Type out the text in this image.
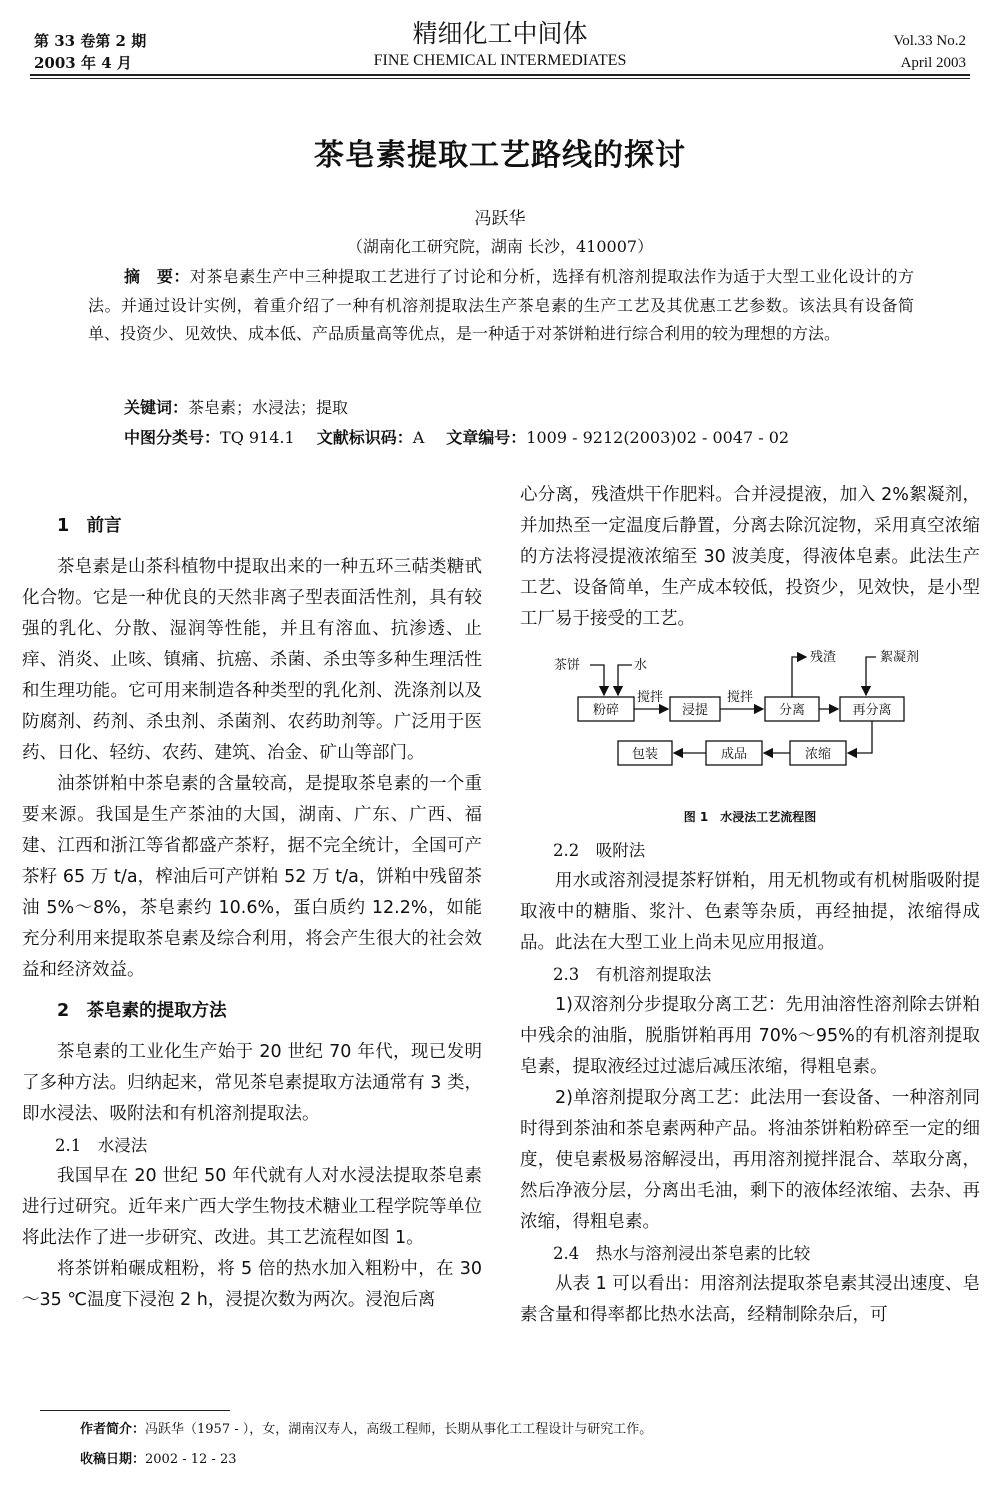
第 33 卷第 2 期
2003 年 4 月
精细化工中间体
FINE CHEMICAL INTERMEDIATES
Vol.33 No.2
April 2003
茶皂素提取工艺路线的探讨
冯跃华
（湖南化工研究院，湖南 长沙，410007）
摘　要：对茶皂素生产中三种提取工艺进行了讨论和分析，选择有机溶剂提取法作为适于大型工业化设计的方法。并通过设计实例，着重介绍了一种有机溶剂提取法生产茶皂素的生产工艺及其优惠工艺参数。该法具有设备简单、投资少、见效快、成本低、产品质量高等优点，是一种适于对茶饼粕进行综合利用的较为理想的方法。
关键词：茶皂素；水浸法；提取
中图分类号：TQ 914.1 文献标识码：A 文章编号：1009 - 9212(2003)02 - 0047 - 02

1　前言

茶皂素是山茶科植物中提取出来的一种五环三萜类糖甙化合物。它是一种优良的天然非离子型表面活性剂，具有较强的乳化、分散、湿润等性能，并且有溶血、抗渗透、止痒、消炎、止咳、镇痛、抗癌、杀菌、杀虫等多种生理活性和生理功能。它可用来制造各种类型的乳化剂、洗涤剂以及防腐剂、药剂、杀虫剂、杀菌剂、农药助剂等。广泛用于医药、日化、轻纺、农药、建筑、冶金、矿山等部门。

油茶饼粕中茶皂素的含量较高，是提取茶皂素的一个重要来源。我国是生产茶油的大国，湖南、广东、广西、福建、江西和浙江等省都盛产茶籽，据不完全统计，全国可产茶籽 65 万 t/a，榨油后可产饼粕 52 万 t/a，饼粕中残留茶油 5%～8%，茶皂素约 10.6%，蛋白质约 12.2%，如能充分利用来提取茶皂素及综合利用，将会产生很大的社会效益和经济效益。

2　茶皂素的提取方法

茶皂素的工业化生产始于 20 世纪 70 年代，现已发明了多种方法。归纳起来，常见茶皂素提取方法通常有 3 类，即水浸法、吸附法和有机溶剂提取法。

2.1　水浸法

我国早在 20 世纪 50 年代就有人对水浸法提取茶皂素进行过研究。近年来广西大学生物技术糖业工程学院等单位将此法作了进一步研究、改进。其工艺流程如图 1。

将茶饼粕碾成粗粉，将 5 倍的热水加入粗粉中，在 30～35 ℃温度下浸泡 2 h，浸提次数为两次。浸泡后离

心分离，残渣烘干作肥料。合并浸提液，加入 2%絮凝剂，并加热至一定温度后静置，分离去除沉淀物，采用真空浓缩的方法将浸提液浓缩至 30 波美度，得液体皂素。此法生产工艺、设备简单，生产成本较低，投资少，见效快，是小型工厂易于接受的工艺。

茶饼	水
残渣	絮凝剂
搅拌	搅拌
粉碎	浸提	分离	再分离
包装	成品	浓缩
图 1　水浸法工艺流程图

2.2　吸附法

用水或溶剂浸提茶籽饼粕，用无机物或有机树脂吸附提取液中的糖脂、浆汁、色素等杂质，再经抽提，浓缩得成品。此法在大型工业上尚未见应用报道。

2.3　有机溶剂提取法

1)双溶剂分步提取分离工艺：先用油溶性溶剂除去饼粕中残余的油脂，脱脂饼粕再用 70%～95%的有机溶剂提取皂素，提取液经过过滤后减压浓缩，得粗皂素。

2)单溶剂提取分离工艺：此法用一套设备、一种溶剂同时得到茶油和茶皂素两种产品。将油茶饼粕粉碎至一定的细度，使皂素极易溶解浸出，再用溶剂搅拌混合、萃取分离，然后净液分层，分离出毛油，剩下的液体经浓缩、去杂、再浓缩，得粗皂素。

2.4　热水与溶剂浸出茶皂素的比较

从表 1 可以看出：用溶剂法提取茶皂素其浸出速度、皂素含量和得率都比热水法高，经精制除杂后，可

作者简介：冯跃华（1957 - ），女，湖南汉寿人，高级工程师，长期从事化工工程设计与研究工作。
收稿日期：2002 - 12 - 23
